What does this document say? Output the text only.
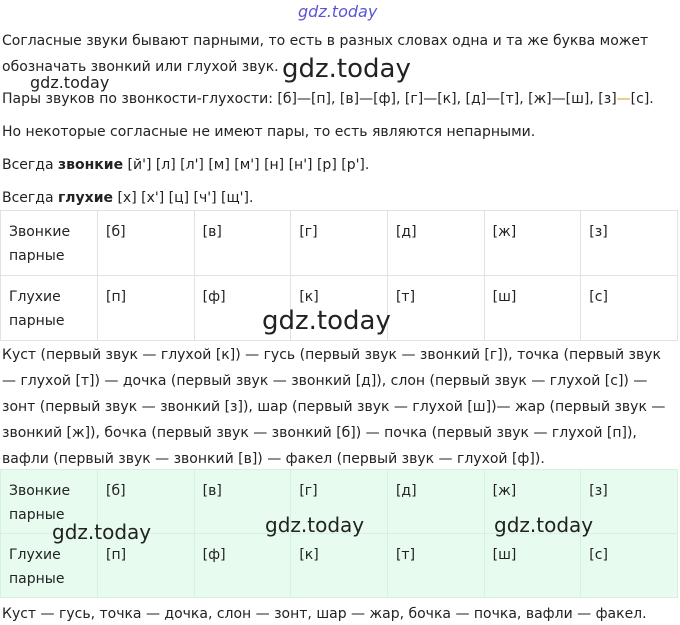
gdz.today
gdz.today
gdz.today
gdz.today
gdz.today	gdz.today	gdz.today
Согласные звуки бывают парными, то есть в разных словах одна и та же буква может
обозначать звонкий или глухой звук.
Пары звуков по звонкости-глухости: [б]—[п], [в]—[ф], [г]—[к], [д]—[т], [ж]—[ш], [з]—[с].
Но некоторые согласные не имеют пары, то есть являются непарными.
Всегда звонкие [й'] [л] [л'] [м] [м'] [н] [н'] [р] [р'].
Всегда глухие [х] [х'] [ц] [ч'] [щ'].
Звонкие
парные	[б]	[в]	[г]	[д]	[ж]	[з]
Глухие
парные	[п]	[ф]	[к]	[т]	[ш]	[с]
Куст (первый звук — глухой [к]) — гусь (первый звук — звонкий [г]), точка (первый звук
— глухой [т]) — дочка (первый звук — звонкий [д]), слон (первый звук — глухой [с]) —
зонт (первый звук — звонкий [з]), шар (первый звук — глухой [ш])— жар (первый звук —
звонкий [ж]), бочка (первый звук — звонкий [б]) — почка (первый звук — глухой [п]),
вафли (первый звук — звонкий [в]) — факел (первый звук — глухой [ф]).
Звонкие
парные	[б]	[в]	[г]	[д]	[ж]	[з]
Глухие
парные	[п]	[ф]	[к]	[т]	[ш]	[с]
Куст — гусь, точка — дочка, слон — зонт, шар — жар, бочка — почка, вафли — факел.
